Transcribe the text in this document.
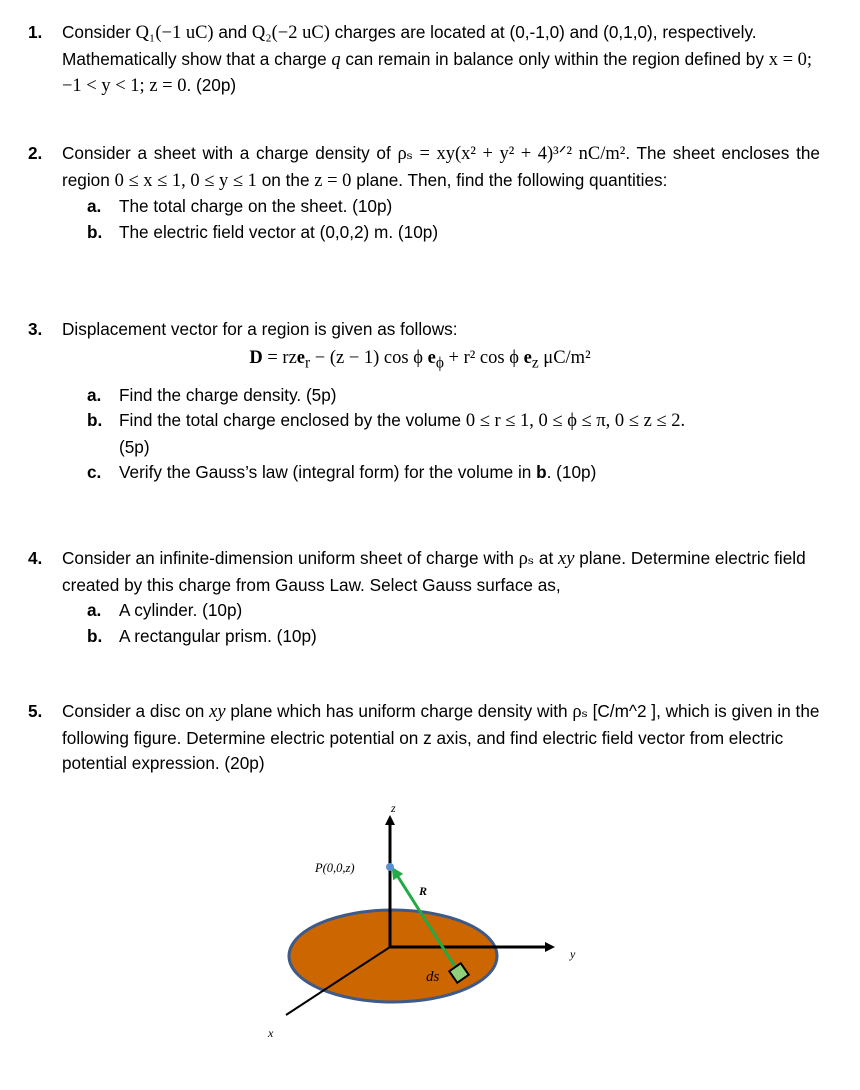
1. Consider Q₁(−1 uC) and Q₂(−2 uC) charges are located at (0,-1,0) and (0,1,0), respectively. Mathematically show that a charge q can remain in balance only within the region defined by x = 0; −1 < y < 1; z = 0. (20p)
2. Consider a sheet with a charge density of ρₛ = xy(x² + y² + 4)³ᐟ² nC/m². The sheet encloses the region 0 ≤ x ≤ 1, 0 ≤ y ≤ 1 on the z = 0 plane. Then, find the following quantities:
a. The total charge on the sheet. (10p)
b. The electric field vector at (0,0,2) m. (10p)
3. Displacement vector for a region is given as follows:
D = rze$_r$ − (z − 1) cos ϕ $e_\phi + r^2$ cos ϕ $e_z$ μC/m²
a. Find the charge density. (5p)
b. Find the total charge enclosed by the volume 0 ≤ r ≤ 1, 0 ≤ ϕ ≤ π, 0 ≤ z ≤ 2.
(5p)
c. Verify the Gauss’s law (integral form) for the volume in b. (10p)
4. Consider an infinite-dimension uniform sheet of charge with ρₛ at xy plane. Determine electric field created by this charge from Gauss Law. Select Gauss surface as,
a. A cylinder. (10p)
b. A rectangular prism. (10p)
5. Consider a disc on xy plane which has uniform charge density with ρₛ [C/m^2 ], which is given in the following figure. Determine electric potential on z axis, and find electric field vector from electric potential expression. (20p)
z
y
x
P(0,0,z)
R
ds
